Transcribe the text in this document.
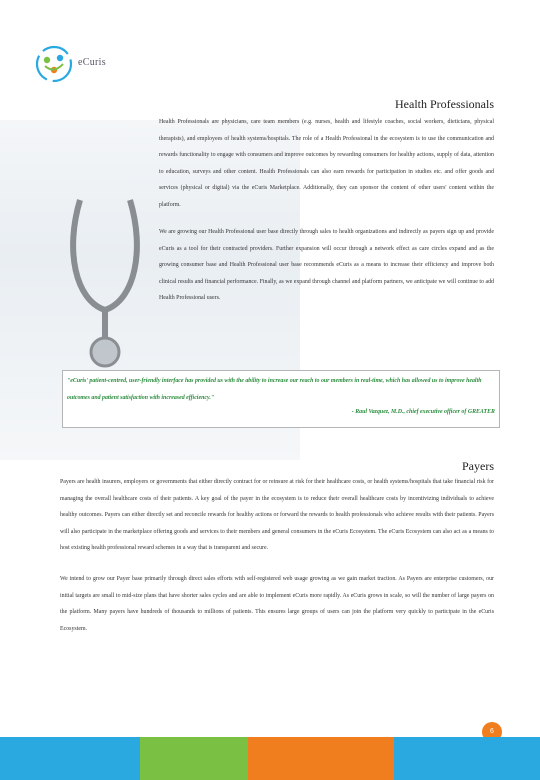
eCuris
Health Professionals
Health Professionals are physicians, care team members (e.g. nurses, health and lifestyle coaches, social workers, dieticians, physical therapists), and employees of health systems/hospitals. The role of a Health Professional in the ecosystem is to use the communication and rewards functionality to engage with consumers and improve outcomes by rewarding consumers for healthy actions, supply of data, attention to education, surveys and other content. Health Professionals can also earn rewards for participation in studies etc. and offer goods and services (physical or digital) via the eCuris Marketplace. Additionally, they can sponsor the content of other users' content within the platform.
We are growing our Health Professional user base directly through sales to health organizations and indirectly as payers sign up and provide eCuris as a tool for their contracted providers. Further expansion will occur through a network effect as care circles expand and as the growing consumer base and Health Professional user base recommends eCuris as a means to increase their efficiency and improve both clinical results and financial performance. Finally, as we expand through channel and platform partners, we anticipate we will continue to add Health Professional users.
"eCuris' patient-centred, user-friendly interface has provided us with the ability to increase our reach to our members in real-time, which has allowed us to improve health outcomes and patient satisfaction with increased efficiency."
- Raul Vazquez, M.D., chief executive officer of GREATER
Payers
Payers are health insurers, employers or governments that either directly contract for or reinsure at risk for their healthcare costs, or health systems/hospitals that take financial risk for managing the overall healthcare costs of their patients. A key goal of the payer in the ecosystem is to reduce their overall healthcare costs by incentivizing individuals to achieve healthy outcomes. Payers can either directly set and reconcile rewards for healthy actions or forward the rewards to health professionals who achieve results with their patients. Payers will also participate in the marketplace offering goods and services to their members and general consumers in the eCuris Ecosystem. The eCuris Ecosystem can also act as a means to host existing health professional reward schemes in a way that is transparent and secure.
We intend to grow our Payer base primarily through direct sales efforts with self-registered web usage growing as we gain market traction. As Payers are enterprise customers, our initial targets are small to mid-size plans that have shorter sales cycles and are able to implement eCuris more rapidly. As eCuris grows in scale, so will the number of large payers on the platform. Many payers have hundreds of thousands to millions of patients. This ensures large groups of users can join the platform very quickly to participate in the eCuris Ecosystem.
6
